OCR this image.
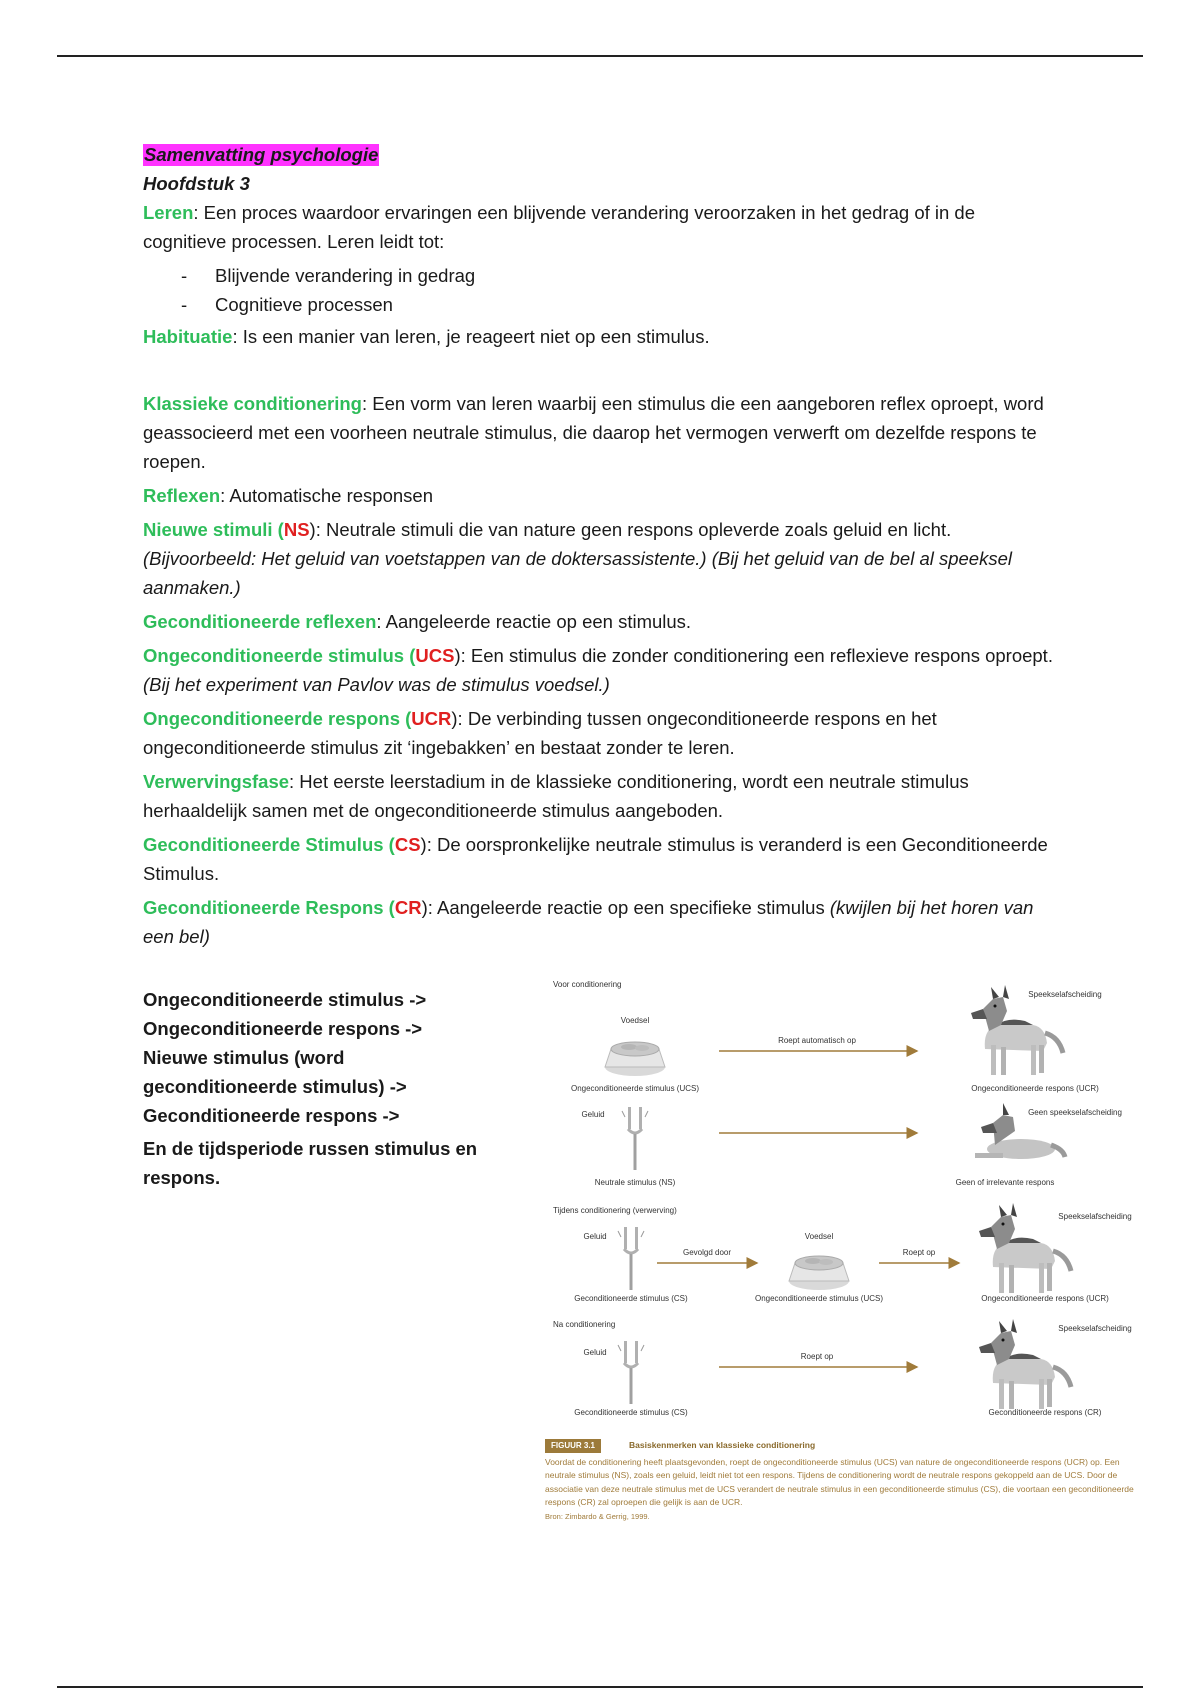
Samenvatting psychologie
Hoofdstuk 3

Leren: Een proces waardoor ervaringen een blijvende verandering veroorzaken in het gedrag of in de cognitieve processen. Leren leidt tot:

- Blijvende verandering in gedrag
- Cognitieve processen

Habituatie: Is een manier van leren, je reageert niet op een stimulus.

Klassieke conditionering: Een vorm van leren waarbij een stimulus die een aangeboren reflex oproept, word geassocieerd met een voorheen neutrale stimulus, die daarop het vermogen verwerft om dezelfde respons te roepen.

Reflexen: Automatische responsen

Nieuwe stimuli (NS): Neutrale stimuli die van nature geen respons opleverde zoals geluid en licht. (Bijvoorbeeld: Het geluid van voetstappen van de doktersassistente.) (Bij het geluid van de bel al speeksel aanmaken.)

Geconditioneerde reflexen: Aangeleerde reactie op een stimulus.

Ongeconditioneerde stimulus (UCS): Een stimulus die zonder conditionering een reflexieve respons oproept. (Bij het experiment van Pavlov was de stimulus voedsel.)

Ongeconditioneerde respons (UCR): De verbinding tussen ongeconditioneerde respons en het ongeconditioneerde stimulus zit ‘ingebakken’ en bestaat zonder te leren.

Verwervingsfase: Het eerste leerstadium in de klassieke conditionering, wordt een neutrale stimulus herhaaldelijk samen met de ongeconditioneerde stimulus aangeboden.

Geconditioneerde Stimulus (CS): De oorspronkelijke neutrale stimulus is veranderd is een Geconditioneerde Stimulus.

Geconditioneerde Respons (CR): Aangeleerde reactie op een specifieke stimulus (kwijlen bij het horen van een bel)

Ongeconditioneerde stimulus ->
Ongeconditioneerde respons ->
Nieuwe stimulus (word
geconditioneerde stimulus) ->
Geconditioneerde respons ->
En de tijdsperiode russen stimulus en respons.
Voor conditionering
Voedsel
Ongeconditioneerde stimulus (UCS)
Roept automatisch op
Speekselafscheiding
Ongeconditioneerde respons (UCR)
Geluid
Neutrale stimulus (NS)
Geen speekselafscheiding
Geen of irrelevante respons
Tijdens conditionering (verwerving)
Geluid
Geconditioneerde stimulus (CS)
Gevolgd door
Voedsel
Ongeconditioneerde stimulus (UCS)
Roept op
Speekselafscheiding
Ongeconditioneerde respons (UCR)
Na conditionering
Geluid
Geconditioneerde stimulus (CS)
Roept op
Speekselafscheiding
Geconditioneerde respons (CR)
FIGUUR 3.1	Basiskenmerken van klassieke conditionering
Voordat de conditionering heeft plaatsgevonden, roept de ongeconditioneerde stimulus (UCS) van nature de ongeconditioneerde respons (UCR) op. Een neutrale stimulus (NS), zoals een geluid, leidt niet tot een respons. Tijdens de conditionering wordt de neutrale respons gekoppeld aan de UCS. Door de associatie van deze neutrale stimulus met de UCS verandert de neutrale stimulus in een geconditioneerde stimulus (CS), die voortaan een geconditioneerde respons (CR) zal oproepen die gelijk is aan de UCR.
Bron: Zimbardo & Gerrig, 1999.
